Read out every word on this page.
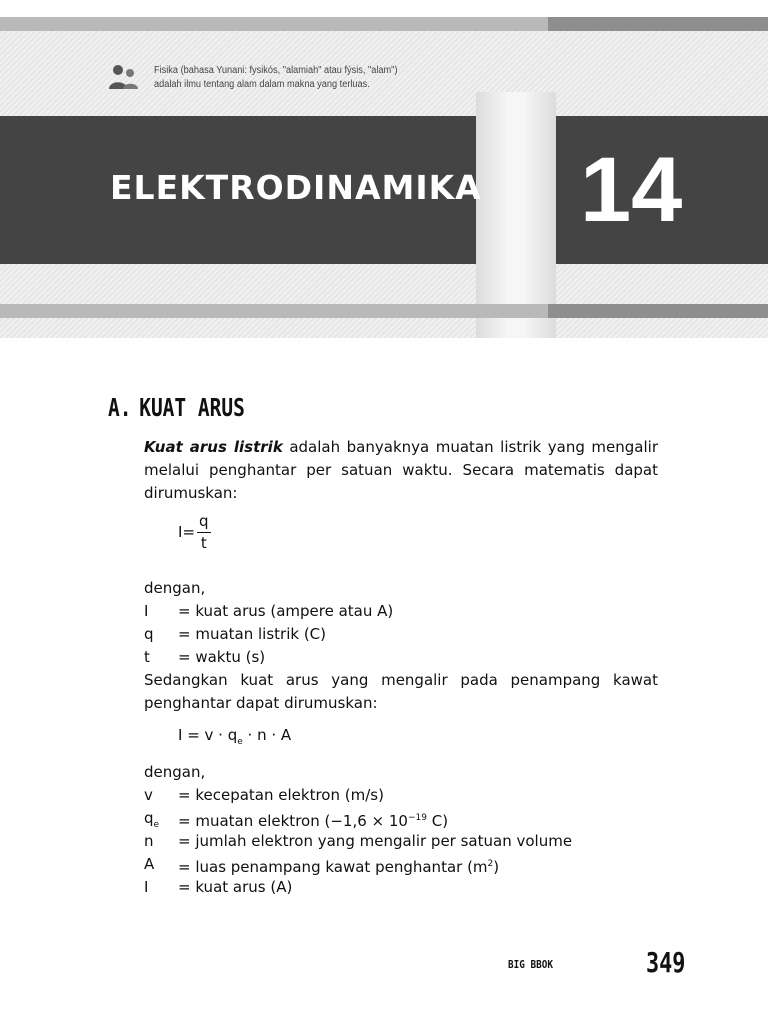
Fisika (bahasa Yunani: fysikós, "alamiah" atau fýsis, "alam")
adalah ilmu tentang alam dalam makna yang terluas.
ELEKTRODINAMIKA 14
A. KUAT ARUS

Kuat arus listrik adalah banyaknya muatan listrik yang mengalir melalui penghantar per satuan waktu. Secara matematis dapat dirumuskan:

$I = \frac{q}{t}$
dengan,
I	= kuat arus (ampere atau A)
q	= muatan listrik (C)
t	= waktu (s)

Sedangkan kuat arus yang mengalir pada penampang kawat penghantar dapat dirumuskan:

$I = v \cdot q_e \cdot n \cdot A$
dengan,
v	= kecepatan elektron (m/s)
$q_e$	= muatan elektron ($-1,6 \times 10^{-19}$ C)
n	= jumlah elektron yang mengalir per satuan volume
A	= luas penampang kawat penghantar $(m^2)$
I	= kuat arus (A)
BIG BBOK	349
